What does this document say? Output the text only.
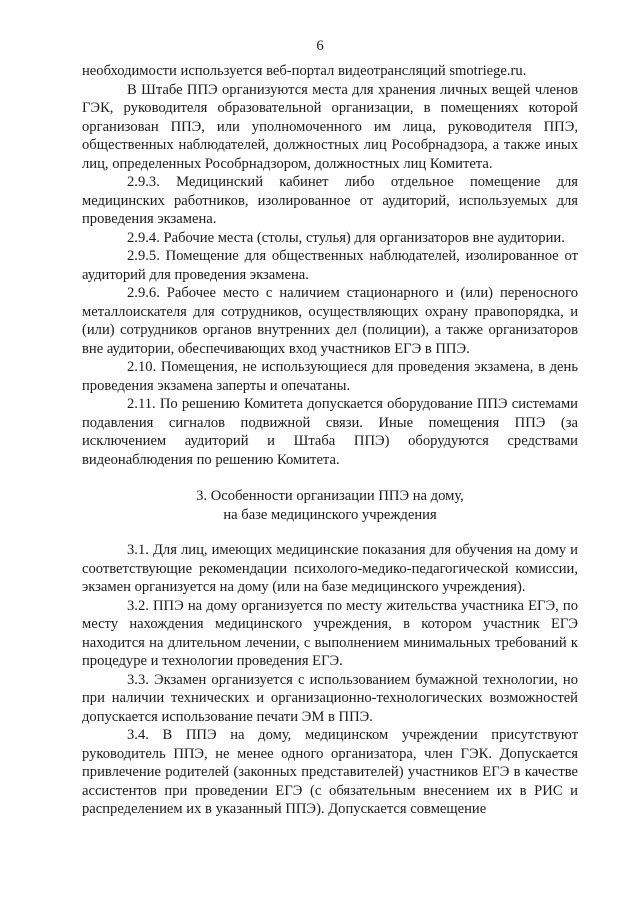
6

необходимости используется веб-портал видеотрансляций smotriege.ru.

В Штабе ППЭ организуются места для хранения личных вещей членов ГЭК, руководителя образовательной организации, в помещениях которой организован ППЭ, или уполномоченного им лица, руководителя ППЭ, общественных наблюдателей, должностных лиц Рособрнадзора, а также иных лиц, определенных Рособрнадзором, должностных лиц Комитета.

2.9.3. Медицинский кабинет либо отдельное помещение для медицинских работников, изолированное от аудиторий, используемых для проведения экзамена.

2.9.4. Рабочие места (столы, стулья) для организаторов вне аудитории.

2.9.5. Помещение для общественных наблюдателей, изолированное от аудиторий для проведения экзамена.

2.9.6. Рабочее место с наличием стационарного и (или) переносного металлоискателя для сотрудников, осуществляющих охрану правопорядка, и (или) сотрудников органов внутренних дел (полиции), а также организаторов вне аудитории, обеспечивающих вход участников ЕГЭ в ППЭ.

2.10. Помещения, не использующиеся для проведения экзамена, в день проведения экзамена заперты и опечатаны.

2.11. По решению Комитета допускается оборудование ППЭ системами подавления сигналов подвижной связи. Иные помещения ППЭ (за исключением аудиторий и Штаба ППЭ) оборудуются средствами видеонаблюдения по решению Комитета.

3. Особенности организации ППЭ на дому,
на базе медицинского учреждения

3.1. Для лиц, имеющих медицинские показания для обучения на дому и соответствующие рекомендации психолого-медико-педагогической комиссии, экзамен организуется на дому (или на базе медицинского учреждения).

3.2. ППЭ на дому организуется по месту жительства участника ЕГЭ, по месту нахождения медицинского учреждения, в котором участник ЕГЭ находится на длительном лечении, с выполнением минимальных требований к процедуре и технологии проведения ЕГЭ.

3.3. Экзамен организуется с использованием бумажной технологии, но при наличии технических и организационно-технологических возможностей допускается использование печати ЭМ в ППЭ.

3.4. В ППЭ на дому, медицинском учреждении присутствуют руководитель ППЭ, не менее одного организатора, член ГЭК. Допускается привлечение родителей (законных представителей) участников ЕГЭ в качестве ассистентов при проведении ЕГЭ (с обязательным внесением их в РИС и распределением их в указанный ППЭ). Допускается совмещение
